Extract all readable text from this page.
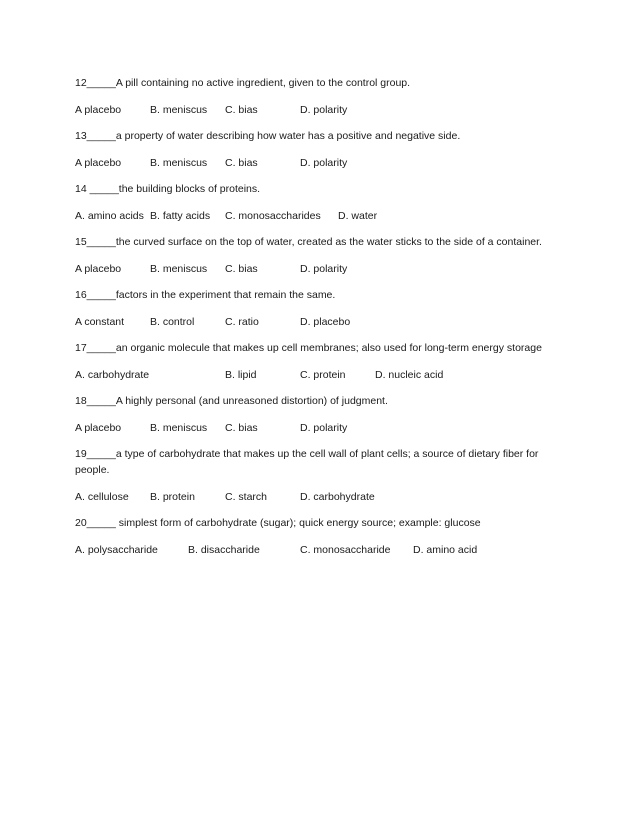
12_____A pill containing no active ingredient, given to the control group.
A placebo	B. meniscus C. bias	D. polarity
13_____a property of water describing how water has a positive and negative side.
A placebo	B. meniscus C. bias	D. polarity
14 _____the building blocks of proteins.
A. amino acids B. fatty acids C. monosaccharides D. water
15_____the curved surface on the top of water, created as the water sticks to the side of a container.
A placebo	B. meniscus C. bias	D. polarity
16_____factors in the experiment that remain the same.
A constant B. control	C. ratio	D. placebo
17_____an organic molecule that makes up cell membranes; also used for long-term energy storage
A. carbohydrate	B. lipid	C. protein	D. nucleic acid
18_____A highly personal (and unreasoned distortion) of judgment.
A placebo	B. meniscus C. bias	D. polarity
19_____a type of carbohydrate that makes up the cell wall of plant cells; a source of dietary fiber for
people.
A. cellulose B. protein	C. starch	D. carbohydrate
20_____ simplest form of carbohydrate (sugar); quick energy source; example: glucose
A. polysaccharide	B. disaccharide	C. monosaccharide D. amino acid
